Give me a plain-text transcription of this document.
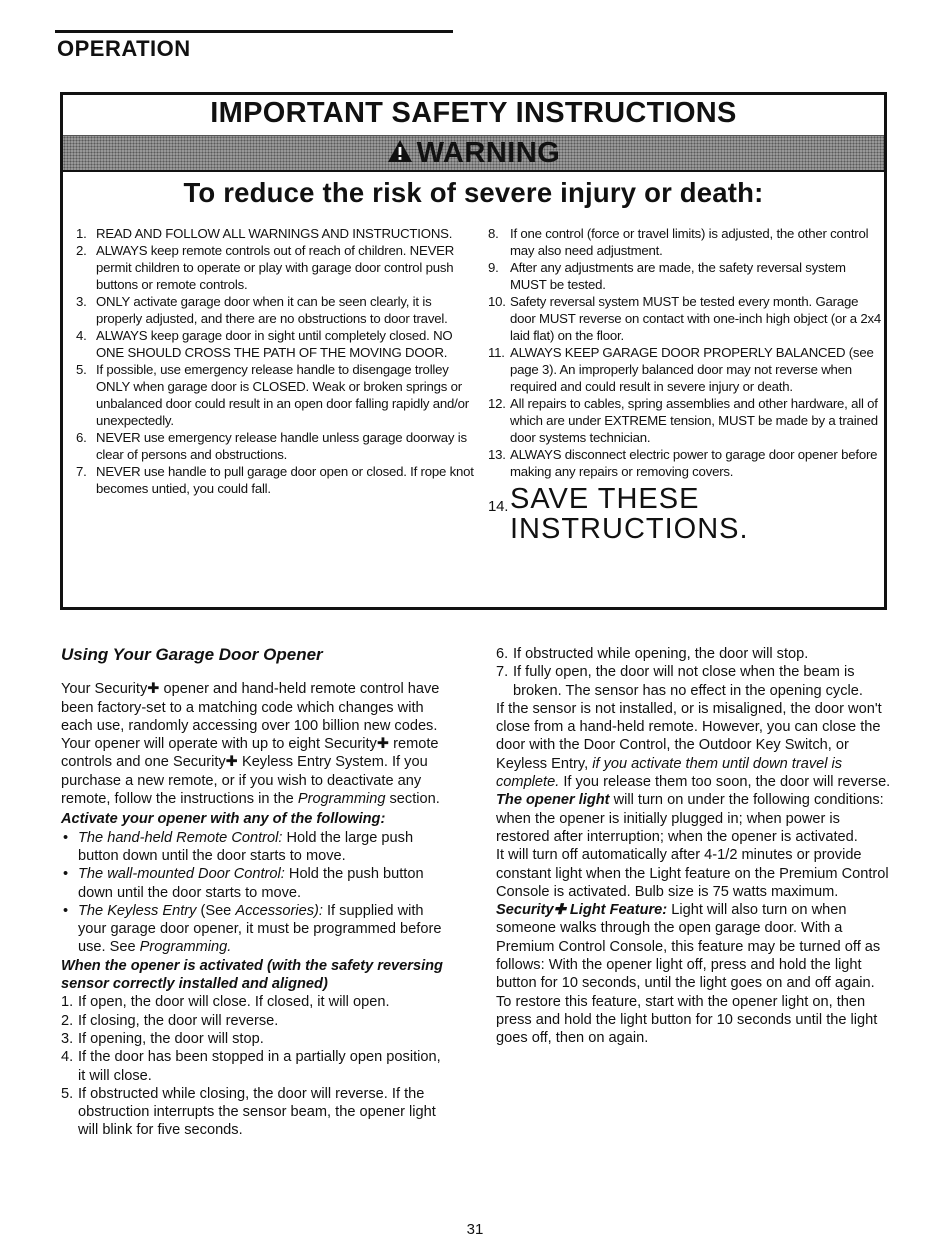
OPERATION
IMPORTANT SAFETY INSTRUCTIONS
WARNING
To reduce the risk of severe injury or death:
1. READ AND FOLLOW ALL WARNINGS AND INSTRUCTIONS.
2. ALWAYS keep remote controls out of reach of children. NEVER permit children to operate or play with garage door control push buttons or remote controls.
3. ONLY activate garage door when it can be seen clearly, it is properly adjusted, and there are no obstructions to door travel.
4. ALWAYS keep garage door in sight until completely closed. NO ONE SHOULD CROSS THE PATH OF THE MOVING DOOR.
5. If possible, use emergency release handle to disengage trolley ONLY when garage door is CLOSED. Weak or broken springs or unbalanced door could result in an open door falling rapidly and/or unexpectedly.
6. NEVER use emergency release handle unless garage doorway is clear of persons and obstructions.
7. NEVER use handle to pull garage door open or closed. If rope knot becomes untied, you could fall.
8. If one control (force or travel limits) is adjusted, the other control may also need adjustment.
9. After any adjustments are made, the safety reversal system MUST be tested.
10. Safety reversal system MUST be tested every month. Garage door MUST reverse on contact with one-inch high object (or a 2x4 laid flat) on the floor.
11. ALWAYS KEEP GARAGE DOOR PROPERLY BALANCED (see page 3). An improperly balanced door may not reverse when required and could result in severe injury or death.
12. All repairs to cables, spring assemblies and other hardware, all of which are under EXTREME tension, MUST be made by a trained door systems technician.
13. ALWAYS disconnect electric power to garage door opener before making any repairs or removing covers.
14. SAVE THESE INSTRUCTIONS.
Using Your Garage Door Opener

Your Security✚ opener and hand-held remote control have been factory-set to a matching code which changes with each use, randomly accessing over 100 billion new codes. Your opener will operate with up to eight Security✚ remote controls and one Security✚ Keyless Entry System. If you purchase a new remote, or if you wish to deactivate any remote, follow the instructions in the Programming section.

Activate your opener with any of the following:
• The hand-held Remote Control: Hold the large push button down until the door starts to move.
• The wall-mounted Door Control: Hold the push button down until the door starts to move.
• The Keyless Entry (See Accessories): If supplied with your garage door opener, it must be programmed before use. See Programming.
When the opener is activated (with the safety reversing sensor correctly installed and aligned)
1. If open, the door will close. If closed, it will open.
2. If closing, the door will reverse.
3. If opening, the door will stop.
4. If the door has been stopped in a partially open position, it will close.
5. If obstructed while closing, the door will reverse. If the obstruction interrupts the sensor beam, the opener light will blink for five seconds.
6. If obstructed while opening, the door will stop.
7. If fully open, the door will not close when the beam is broken. The sensor has no effect in the opening cycle.

If the sensor is not installed, or is misaligned, the door won't close from a hand-held remote. However, you can close the door with the Door Control, the Outdoor Key Switch, or Keyless Entry, if you activate them until down travel is complete. If you release them too soon, the door will reverse.

The opener light will turn on under the following conditions: when the opener is initially plugged in; when power is restored after interruption; when the opener is activated.

It will turn off automatically after 4-1/2 minutes or provide constant light when the Light feature on the Premium Control Console is activated. Bulb size is 75 watts maximum.

Security✚ Light Feature: Light will also turn on when someone walks through the open garage door. With a Premium Control Console, this feature may be turned off as follows: With the opener light off, press and hold the light button for 10 seconds, until the light goes on and off again. To restore this feature, start with the opener light on, then press and hold the light button for 10 seconds until the light goes off, then on again.

31
